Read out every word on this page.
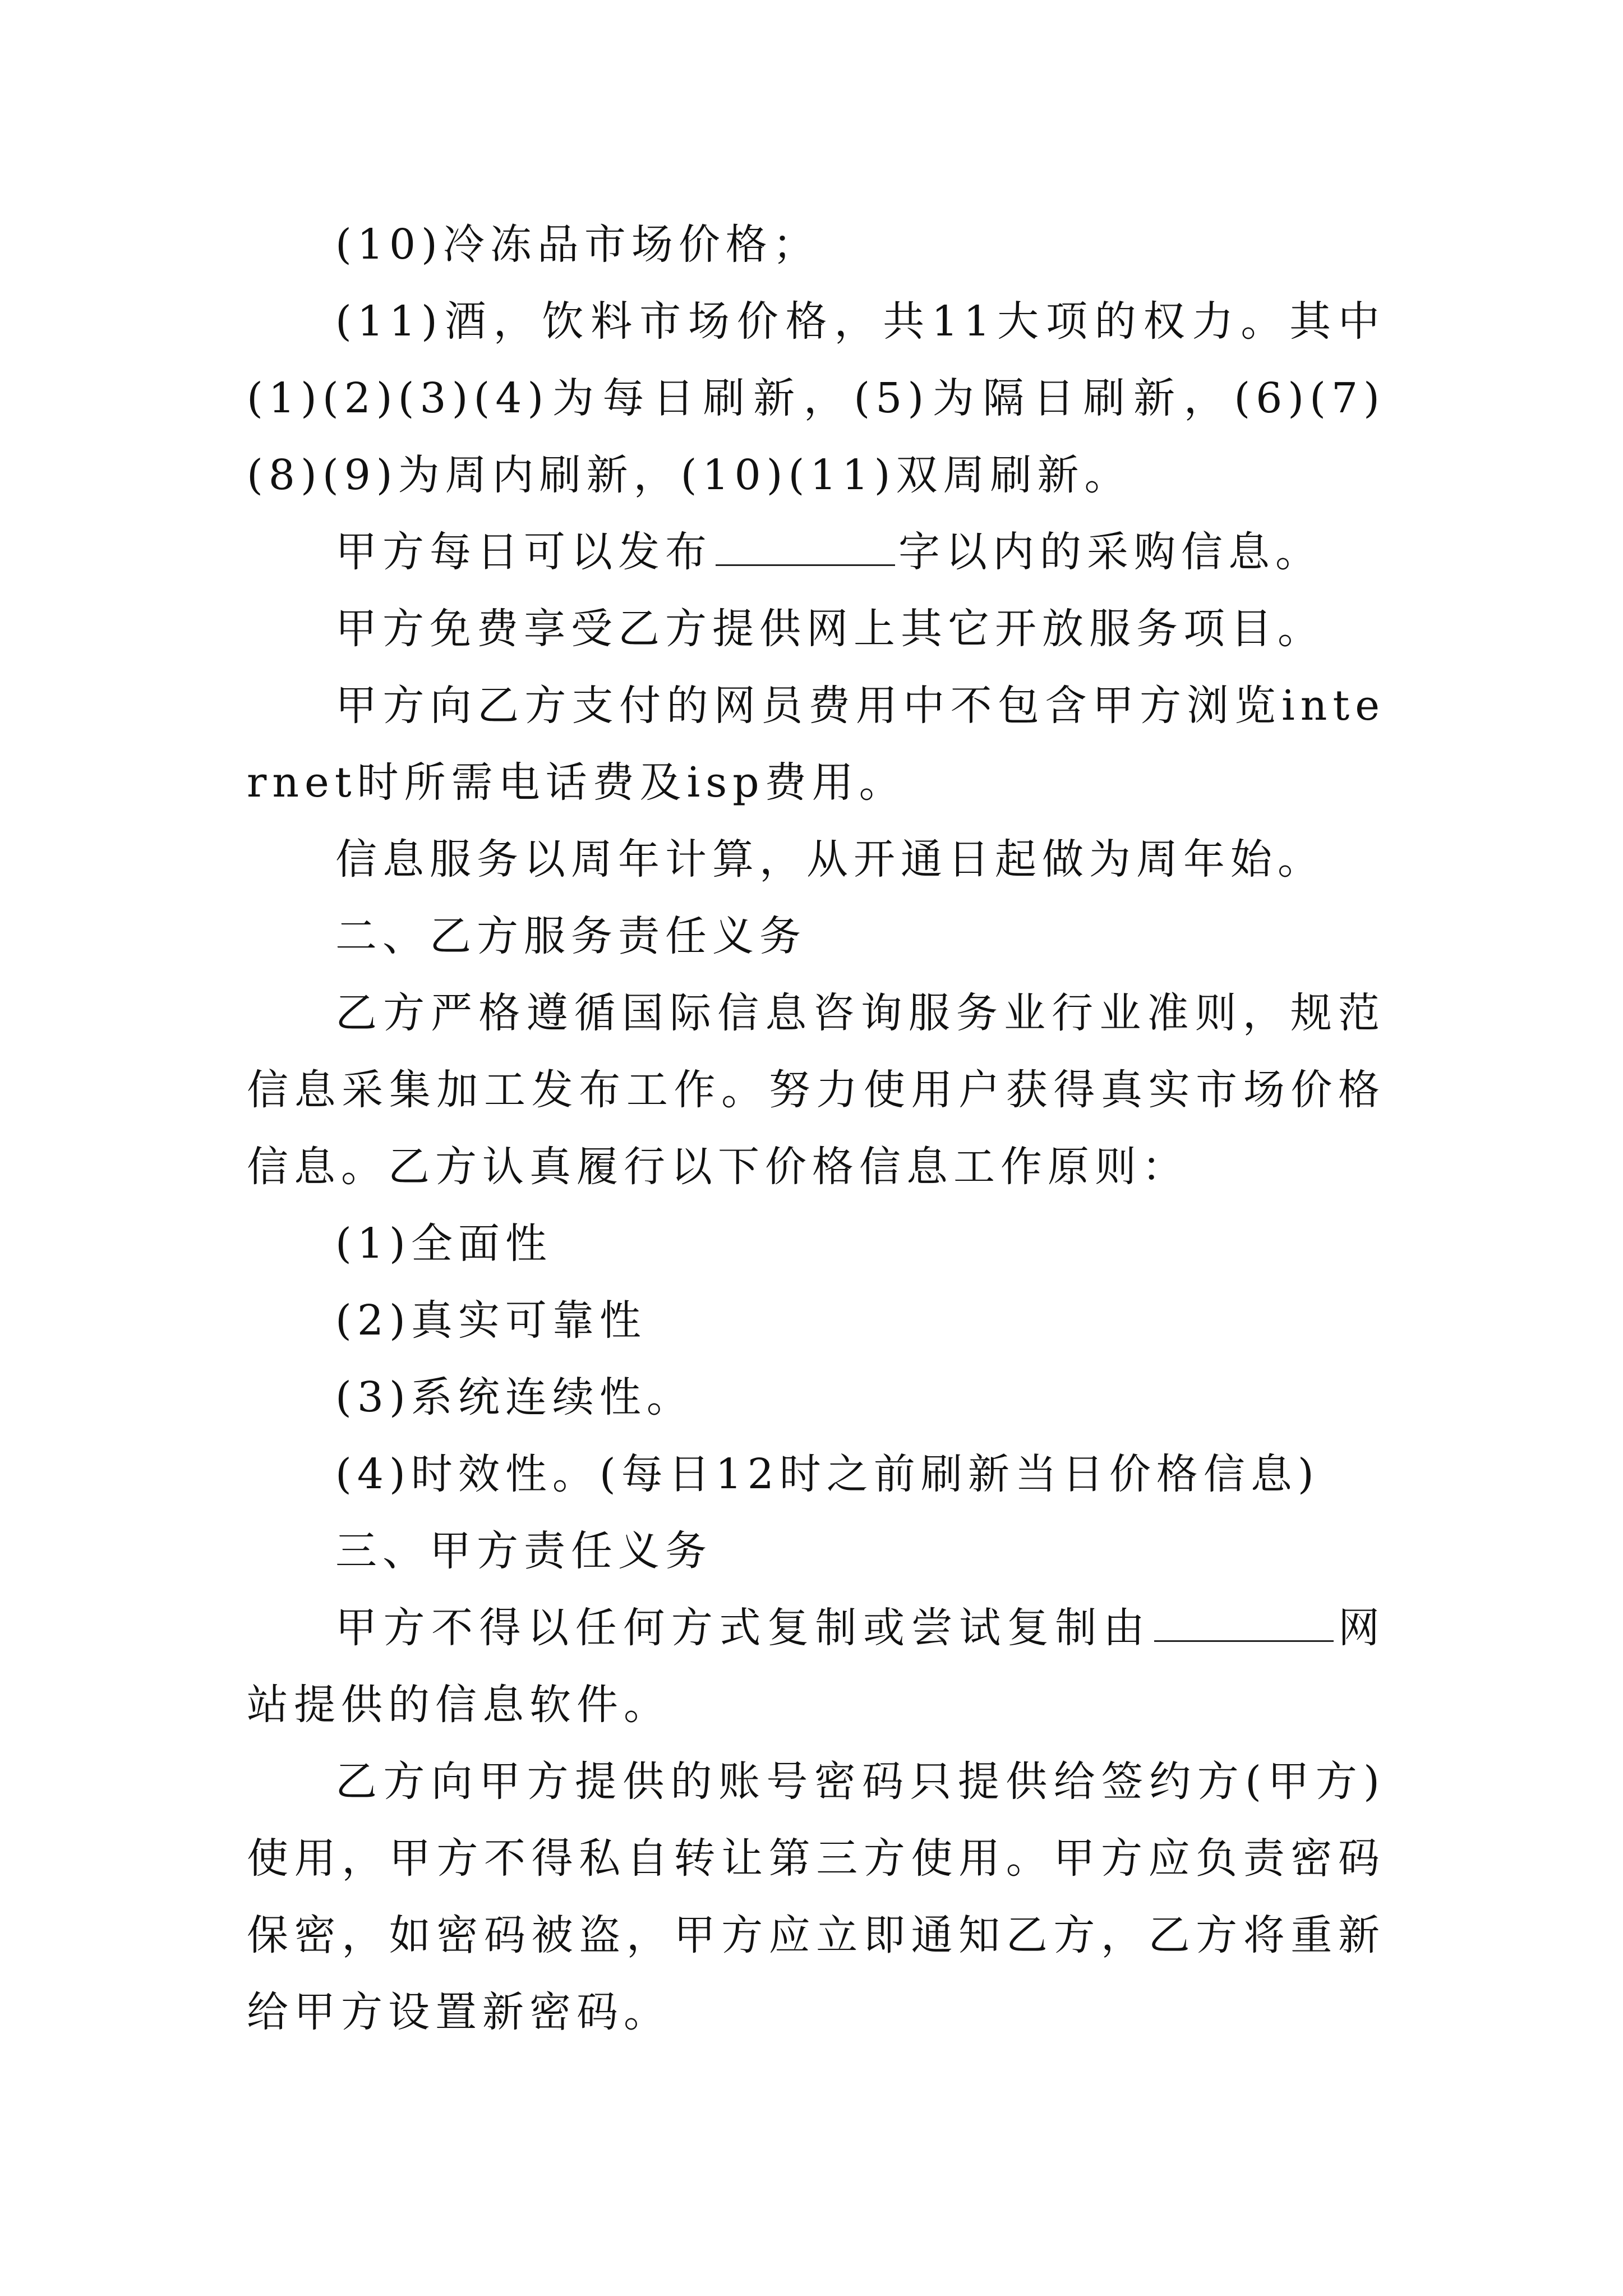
(10)冷冻品市场价格；

(11)酒，饮料市场价格，共11大项的权力。其中(1)(2)(3)(4)为每日刷新，(5)为隔日刷新，(6)(7)(8)(9)为周内刷新，(10)(11)双周刷新。

甲方每日可以发布	字以内的采购信息。

甲方免费享受乙方提供网上其它开放服务项目。

甲方向乙方支付的网员费用中不包含甲方浏览internet时所需电话费及isp费用。

信息服务以周年计算，从开通日起做为周年始。

二、乙方服务责任义务

乙方严格遵循国际信息咨询服务业行业准则，规范信息采集加工发布工作。努力使用户获得真实市场价格信息。乙方认真履行以下价格信息工作原则：

(1)全面性

(2)真实可靠性

(3)系统连续性。

(4)时效性。(每日12时之前刷新当日价格信息)

三、甲方责任义务

甲方不得以任何方式复制或尝试复制由	网站提供的信息软件。

乙方向甲方提供的账号密码只提供给签约方(甲方)使用，甲方不得私自转让第三方使用。甲方应负责密码保密，如密码被盗，甲方应立即通知乙方，乙方将重新给甲方设置新密码。
